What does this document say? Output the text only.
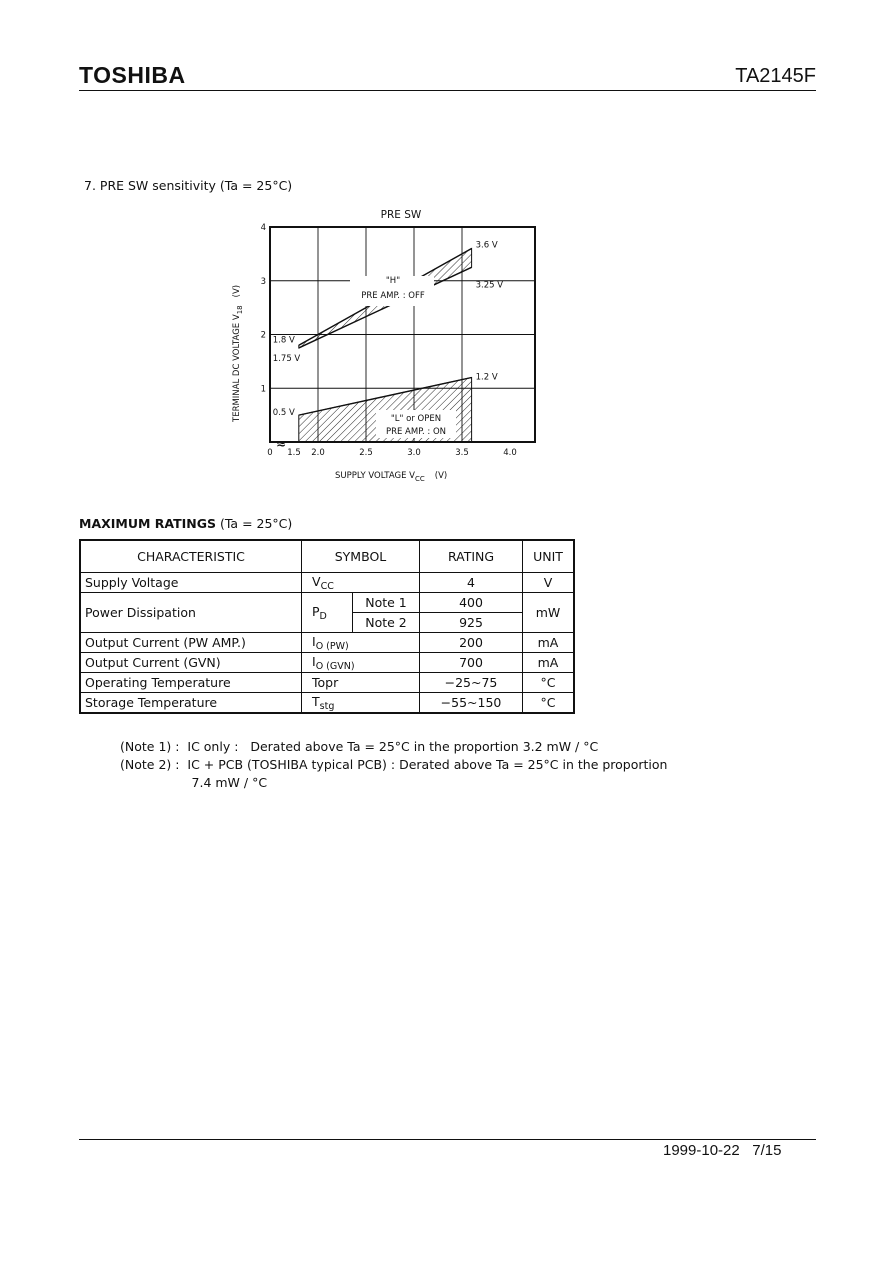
TOSHIBA	TA2145F
7. PRE SW sensitivity (Ta = 25°C)
PRE SW
"H"
PRE AMP. : OFF
"L" or OPEN
PRE AMP. : ON
≈
1.8 V
3.6 V
1.75 V
3.25 V
0.5 V
1.2 V
0 1.5 2.0	2.5	3.0	3.5	4.0
1
2
3
4
SUPPLY VOLTAGE $V_{CC}$ (V)
TERMINAL DC VOLTAGE $V_{18}(V)$
MAXIMUM RATINGS (Ta = 25°C)
CHARACTERISTIC	SYMBOL		RATING	UNIT
Supply Voltage	$V_{CC}$		4	V
Power Dissipation	$P_D$	Note 1	400	mW
		Note 2	925	
Output Current (PW AMP.)	$I_{O (PW)}$		200	mA
Output Current (GVN)	$I_{O (GVN)}$		700	mA
Operating Temperature	Topr		−25~75	°C
Storage Temperature	$T_{stg}$		−55~150	°C
(Note 1) :  IC only :   Derated above Ta = 25°C in the proportion 3.2 mW / °C
(Note 2) :  IC + PCB (TOSHIBA typical PCB) : Derated above Ta = 25°C in the proportion
7.4 mW / °C
1999-10-22 7/15
